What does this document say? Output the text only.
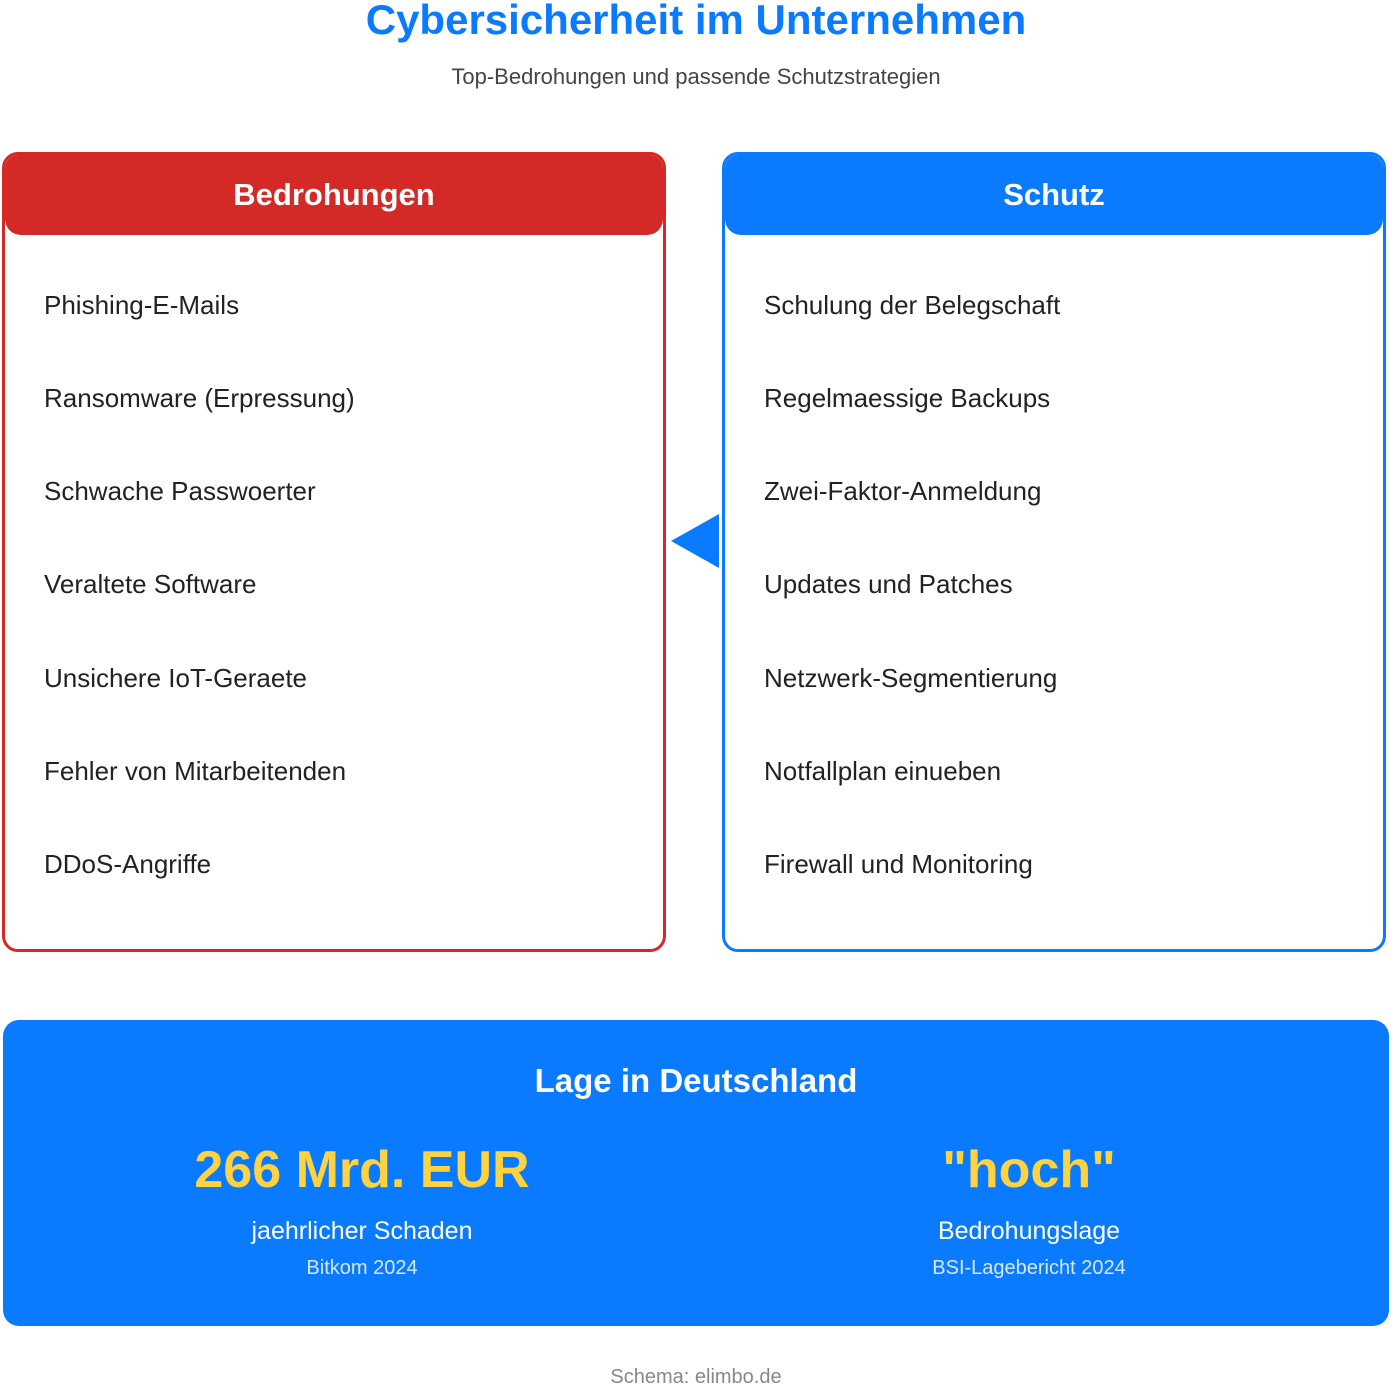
Cybersicherheit im Unternehmen
Top-Bedrohungen und passende Schutzstrategien
Bedrohungen
Phishing-E-Mails
Ransomware (Erpressung)
Schwache Passwoerter
Veraltete Software
Unsichere IoT-Geraete
Fehler von Mitarbeitenden
DDoS-Angriffe
Schutz
Schulung der Belegschaft
Regelmaessige Backups
Zwei-Faktor-Anmeldung
Updates und Patches
Netzwerk-Segmentierung
Notfallplan einueben
Firewall und Monitoring
Lage in Deutschland
266 Mrd. EUR
jaehrlicher Schaden
Bitkom 2024
"hoch"
Bedrohungslage
BSI-Lagebericht 2024
Schema: elimbo.de
